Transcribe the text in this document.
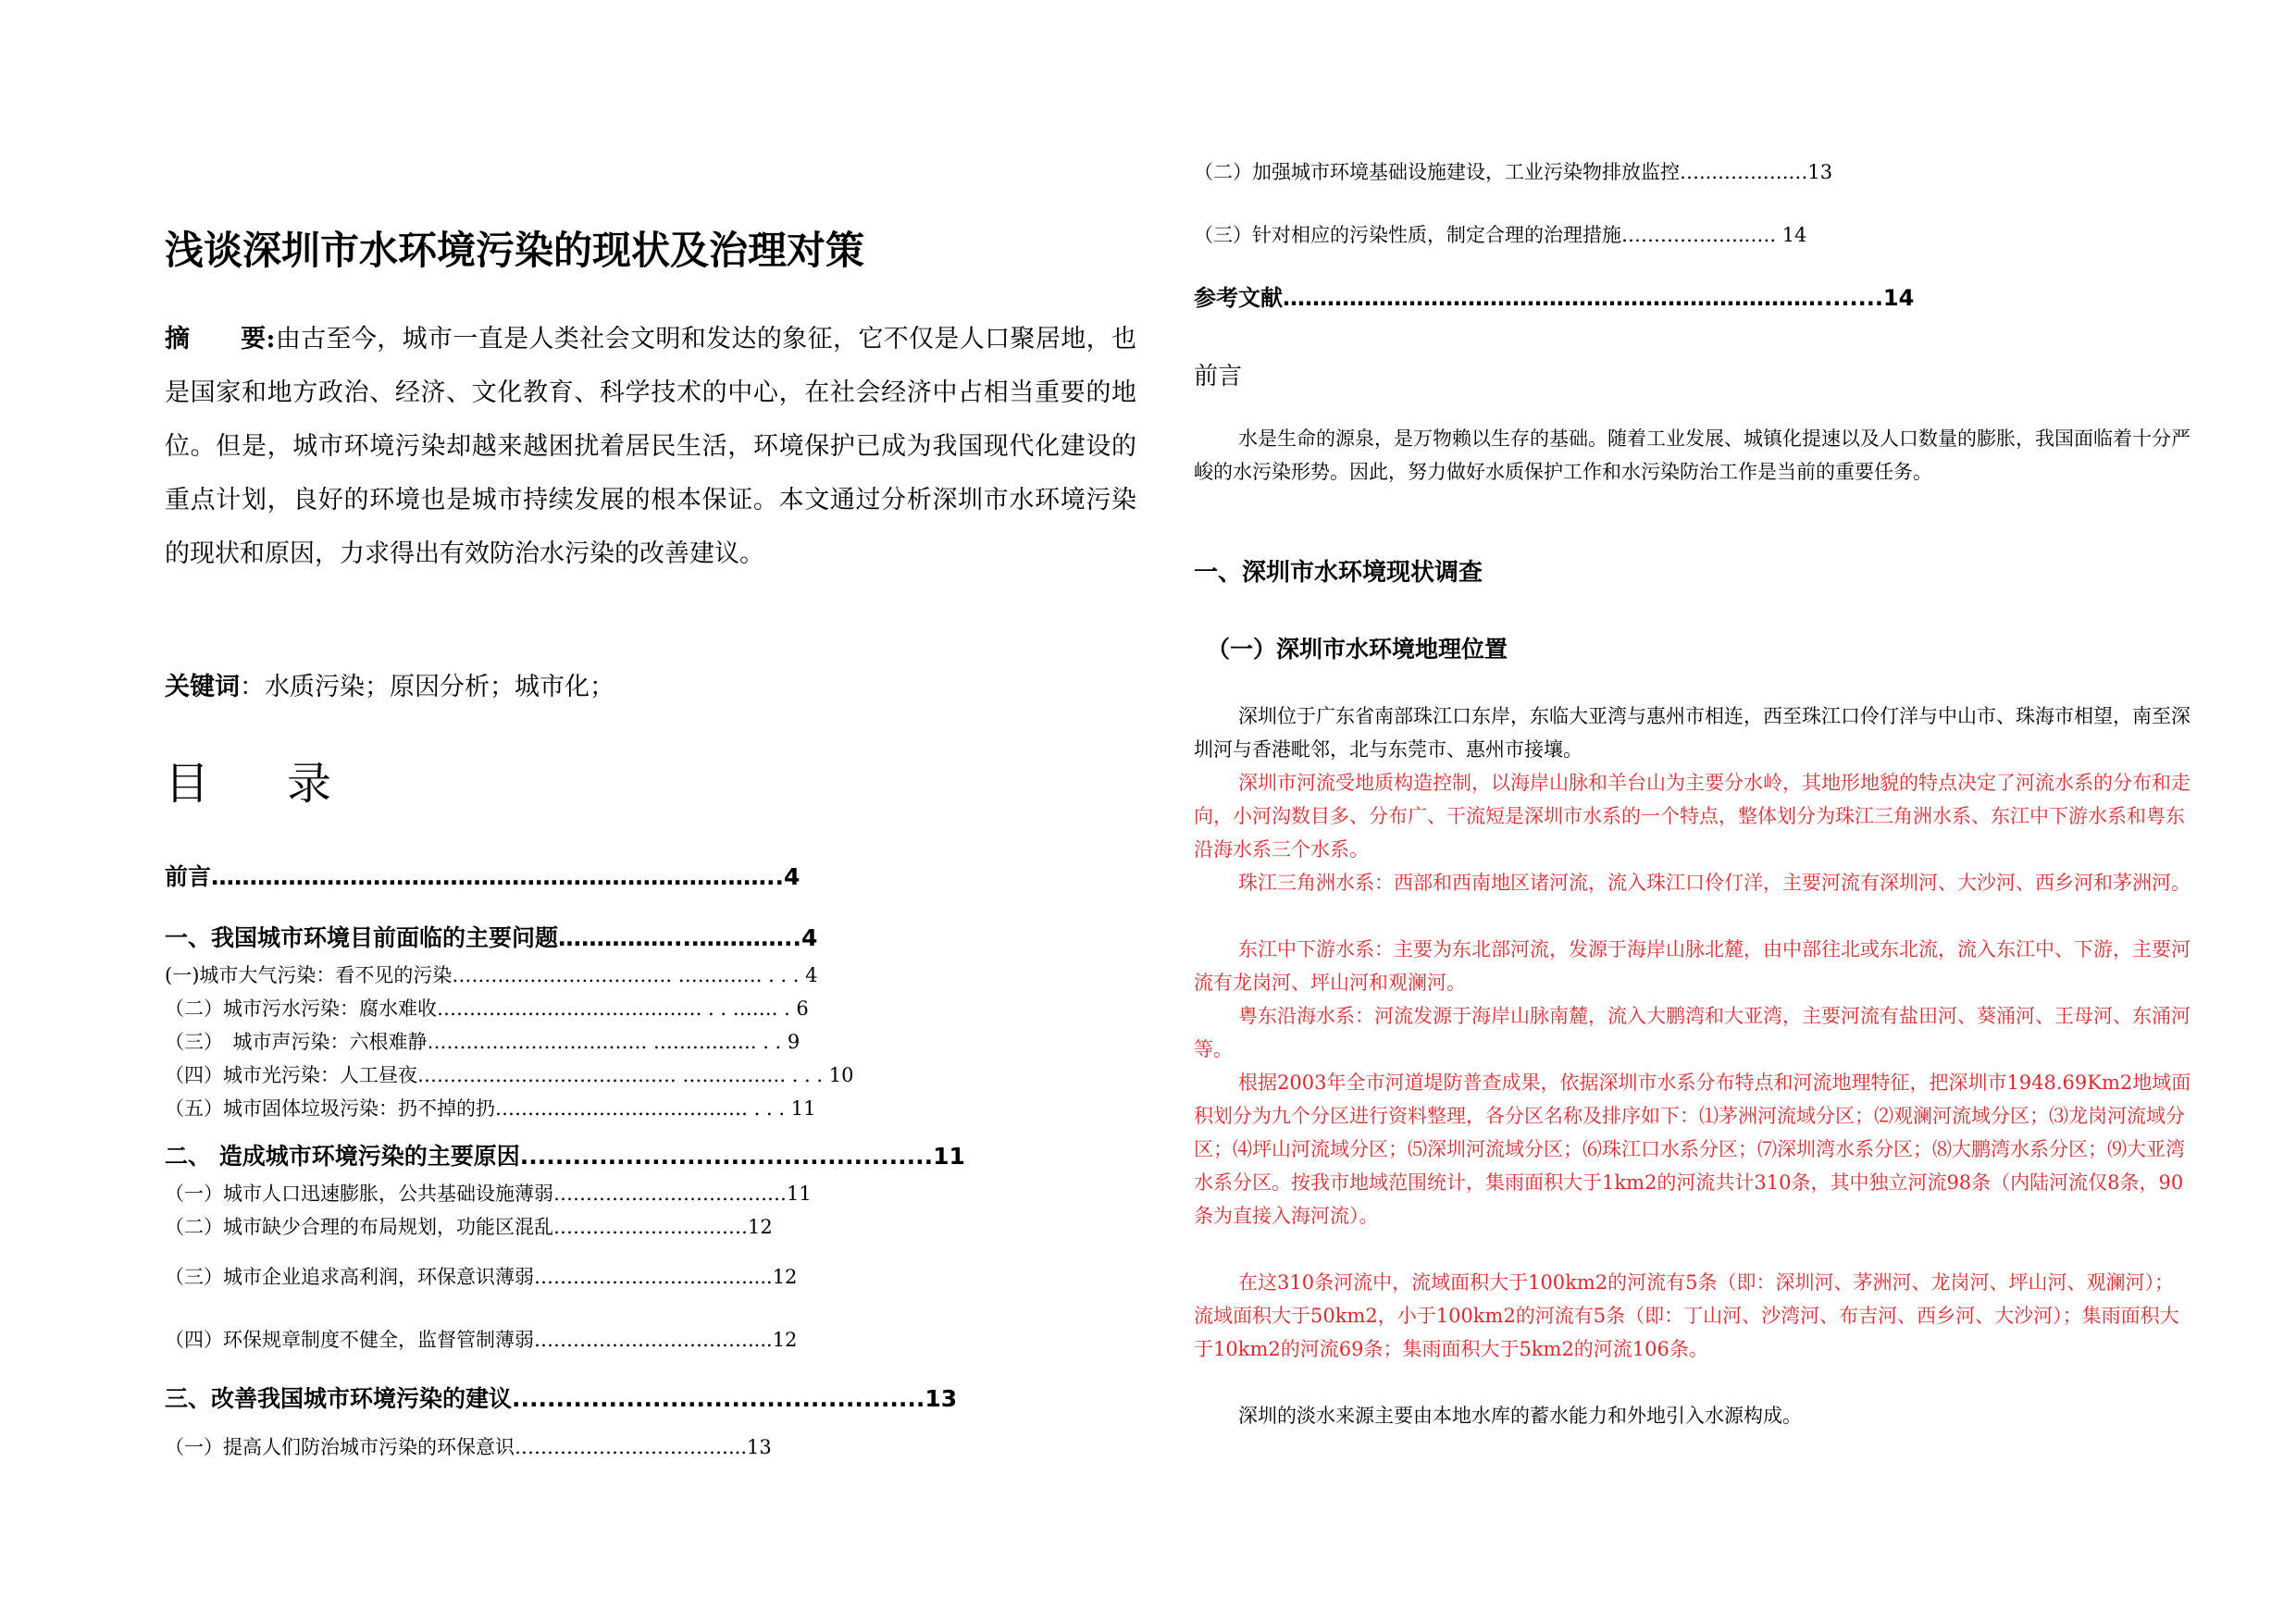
浅谈深圳市水环境污染的现状及治理对策
摘　　要:由古至今，城市一直是人类社会文明和发达的象征，它不仅是人口聚居地，也是国家和地方政治、经济、文化教育、科学技术的中心，在社会经济中占相当重要的地位。但是，城市环境污染却越来越困扰着居民生活，环境保护已成为我国现代化建设的重点计划，良好的环境也是城市持续发展的根本保证。本文通过分析深圳市水环境污染的现状和原因，力求得出有效防治水污染的改善建议。
关键词：水质污染；原因分析；城市化；
目　录
前言………………………………………………………………..4
一、我国城市环境目前面临的主要问题……………..…………..4
(一)城市大气污染：看不见的污染……………………………. …………. . . . 4
（二）城市污水污染：腐水难收…………………………….……. . . ……. . 6
（三）　城市声污染：六根难静……………………………. ……………. . . 9
（四）城市光污染：人工昼夜…………………………………. ……………. . . . 10
（五）城市固体垃圾污染：扔不掉的扔………………………………… . . . 11
二、 造成城市环境污染的主要原因...............................................11
（一）城市人口迅速膨胀，公共基础设施薄弱………………………………11
（二）城市缺少合理的布局规划，功能区混乱…………………………12
（三）城市企业追求高利润，环保意识薄弱……………………………....12
（四）环保规章制度不健全，监督管制薄弱……………………………....12
三、改善我国城市环境污染的建议...............................................13
（一）提高人们防治城市污染的环保意识……………………………...13
（二）加强城市环境基础设施建设，工业污染物排放监控…...…….….…13
（三）针对相应的污染性质，制定合理的治理措施………………..…. 14
参考文献………………………………………………………………........14
前言
水是生命的源泉，是万物赖以生存的基础。随着工业发展、城镇化提速以及人口数量的膨胀，我国面临着十分严峻的水污染形势。因此，努力做好水质保护工作和水污染防治工作是当前的重要任务。
一、深圳市水环境现状调查
（一）深圳市水环境地理位置
深圳位于广东省南部珠江口东岸，东临大亚湾与惠州市相连，西至珠江口伶仃洋与中山市、珠海市相望，南至深圳河与香港毗邻，北与东莞市、惠州市接壤。
深圳市河流受地质构造控制，以海岸山脉和羊台山为主要分水岭，其地形地貌的特点决定了河流水系的分布和走向，小河沟数目多、分布广、干流短是深圳市水系的一个特点，整体划分为珠江三角洲水系、东江中下游水系和粤东沿海水系三个水系。
珠江三角洲水系：西部和西南地区诸河流，流入珠江口伶仃洋，主要河流有深圳河、大沙河、西乡河和茅洲河。
东江中下游水系：主要为东北部河流，发源于海岸山脉北麓，由中部往北或东北流，流入东江中、下游，主要河流有龙岗河、坪山河和观澜河。
粤东沿海水系：河流发源于海岸山脉南麓，流入大鹏湾和大亚湾，主要河流有盐田河、葵涌河、王母河、东涌河等。
根据2003年全市河道堤防普查成果，依据深圳市水系分布特点和河流地理特征，把深圳市1948.69Km2地域面积划分为九个分区进行资料整理，各分区名称及排序如下：⑴茅洲河流域分区；⑵观澜河流域分区；⑶龙岗河流域分区；⑷坪山河流域分区；⑸深圳河流域分区；⑹珠江口水系分区；⑺深圳湾水系分区；⑻大鹏湾水系分区；⑼大亚湾水系分区。按我市地域范围统计，集雨面积大于1km2的河流共计310条，其中独立河流98条（内陆河流仅8条，90条为直接入海河流）。
在这310条河流中，流域面积大于100km2的河流有5条（即：深圳河、茅洲河、龙岗河、坪山河、观澜河）；流域面积大于50km2，小于100km2的河流有5条（即：丁山河、沙湾河、布吉河、西乡河、大沙河）；集雨面积大于10km2的河流69条；集雨面积大于5km2的河流106条。
深圳的淡水来源主要由本地水库的蓄水能力和外地引入水源构成。
